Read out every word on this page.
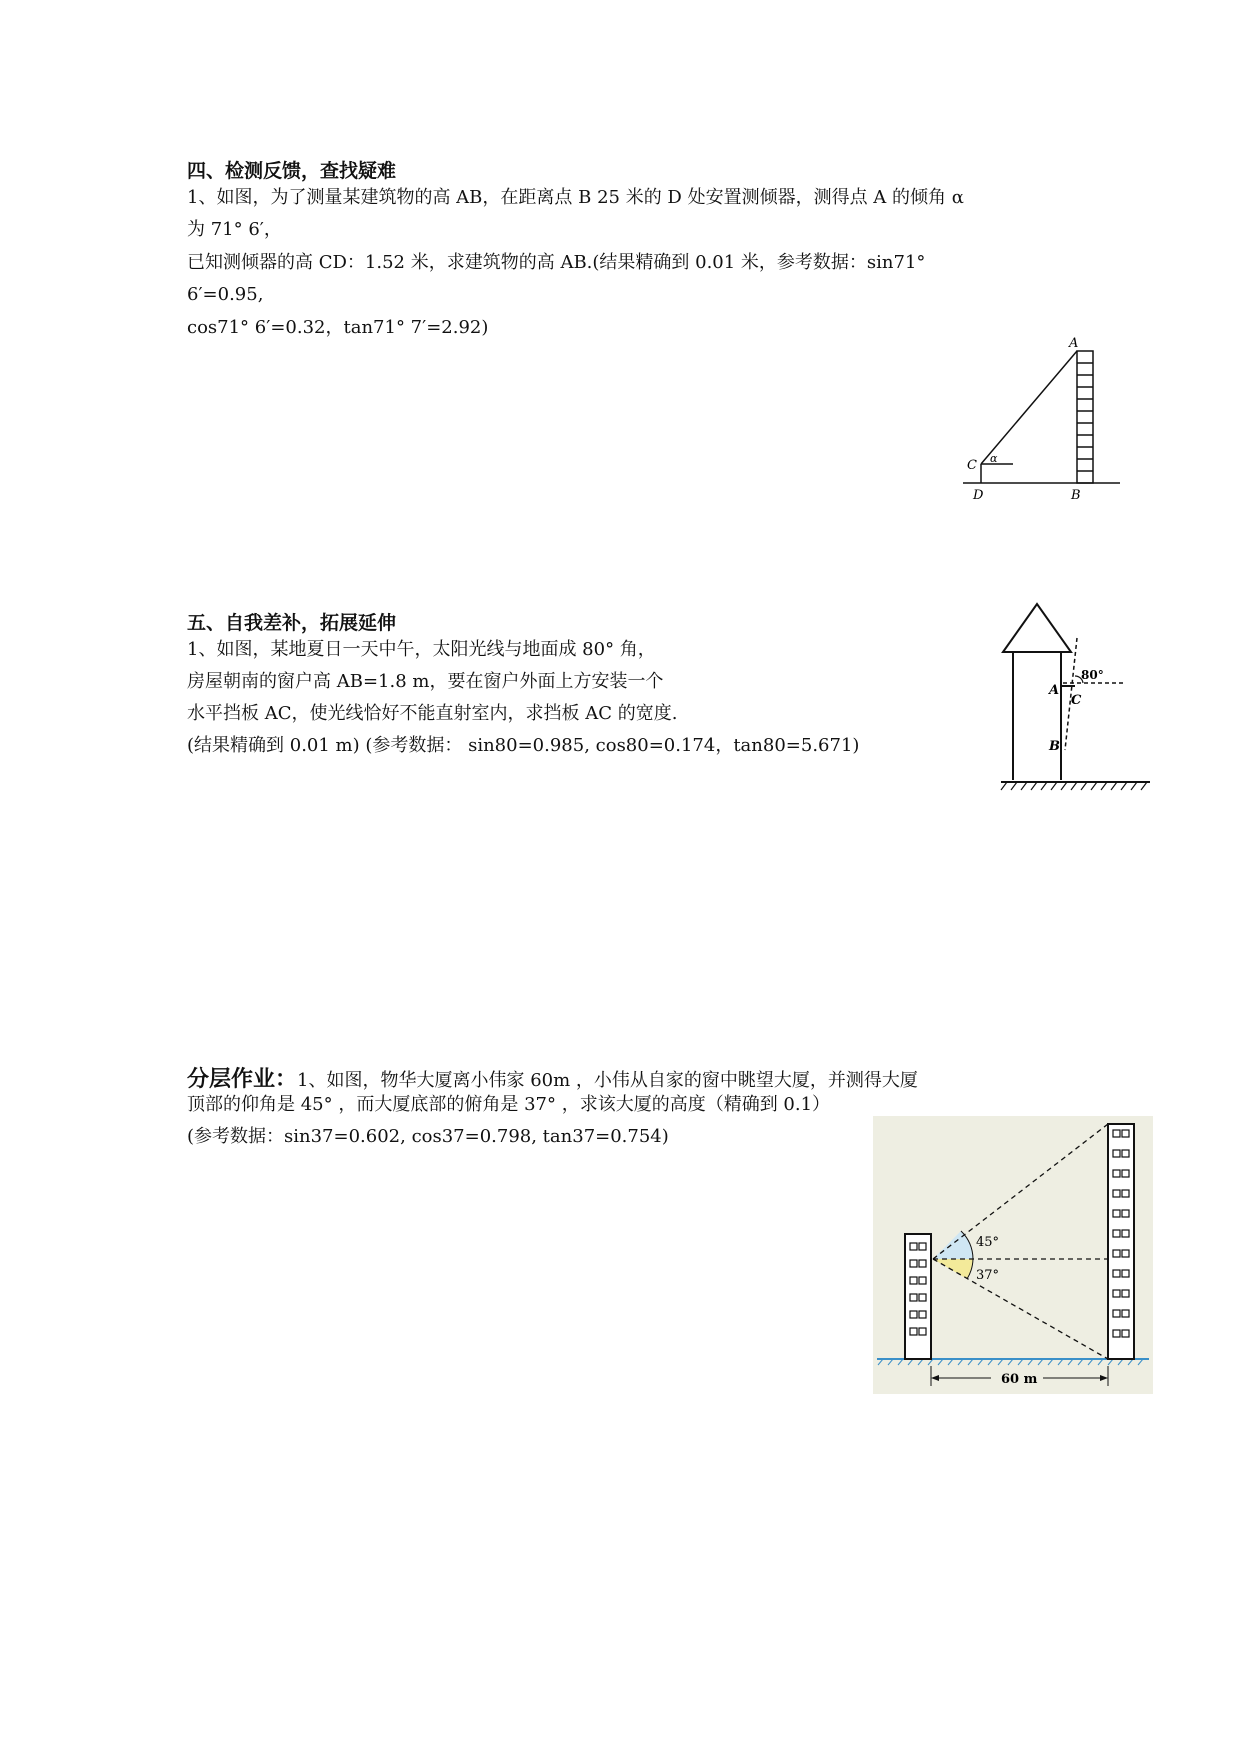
四、检测反馈，查找疑难
1、如图，为了测量某建筑物的高 AB，在距离点 B 25 米的 D 处安置测倾器，测得点 A 的倾角 α
为 71° 6′，
已知测倾器的高 CD：1.52 米，求建筑物的高 AB.(结果精确到 0.01 米，参考数据：sin71°
6′=0.95,
cos71° 6′=0.32，tan71° 7′=2.92)
A
C α
D	B
五、自我差补，拓展延伸
1、如图，某地夏日一天中午，太阳光线与地面成 80° 角，
房屋朝南的窗户高 AB=1.8 m，要在窗户外面上方安装一个
水平挡板 AC，使光线恰好不能直射室内，求挡板 AC 的宽度.
(结果精确到 0.01 m) (参考数据： sin80=0.985, cos80=0.174，tan80=5.671)
80°
A
C
B
分层作业：1、如图，物华大厦离小伟家 60m ，小伟从自家的窗中眺望大厦，并测得大厦
顶部的仰角是 45° ，而大厦底部的俯角是 37° ，求该大厦的高度（精确到 0.1）
(参考数据：sin37=0.602, cos37=0.798, tan37=0.754)
45°
37°
60 m
